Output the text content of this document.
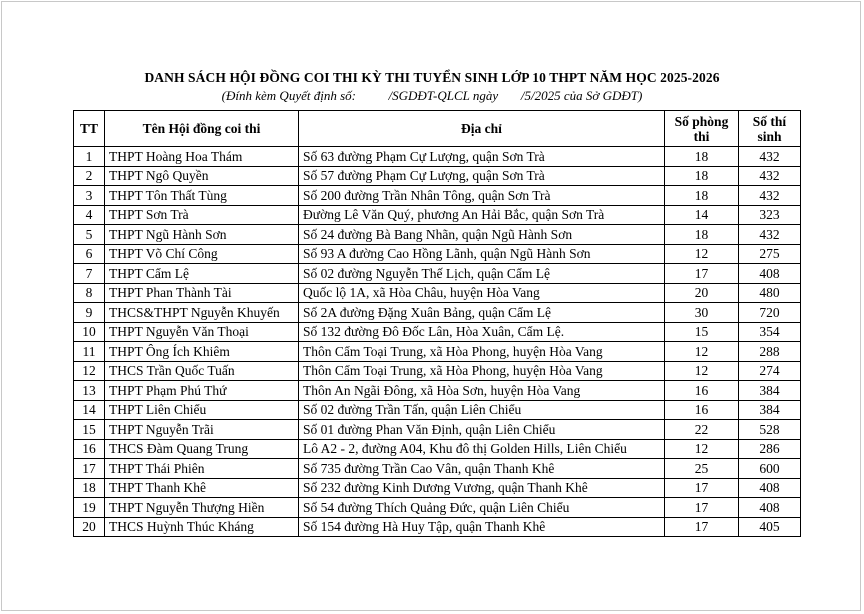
DANH SÁCH HỘI ĐỒNG COI THI KỲ THI TUYỂN SINH LỚP 10 THPT NĂM HỌC 2025-2026
(Đính kèm Quyết định số:          /SGDĐT-QLCL ngày       /5/2025 của Sở GDĐT)
TT	Tên Hội đồng coi thi	Địa chỉ	Số phòng thi	Số thí sinh
1	THPT Hoàng Hoa Thám	Số 63 đường Phạm Cự Lượng, quận Sơn Trà	18	432
2	THPT Ngô Quyền	Số 57 đường Phạm Cự Lượng, quận Sơn Trà	18	432
3	THPT Tôn Thất Tùng	Số 200 đường Trần Nhân Tông, quận Sơn Trà	18	432
4	THPT Sơn Trà	Đường Lê Văn Quý, phương An Hải Bắc, quận Sơn Trà	14	323
5	THPT Ngũ Hành Sơn	Số 24 đường Bà Bang Nhãn, quận Ngũ Hành Sơn	18	432
6	THPT Võ Chí Công	Số 93 A đường Cao Hồng Lãnh, quận Ngũ Hành Sơn	12	275
7	THPT Cẩm Lệ	Số 02 đường Nguyễn Thế Lịch, quận Cẩm Lệ	17	408
8	THPT Phan Thành Tài	Quốc lộ 1A, xã Hòa Châu, huyện Hòa Vang	20	480
9	THCS&THPT Nguyễn Khuyến	Số 2A đường Đặng Xuân Bảng, quận Cẩm Lệ	30	720
10	THPT Nguyễn Văn Thoại	Số 132 đường Đô Đốc Lân, Hòa Xuân, Cẩm Lệ.	15	354
11	THPT Ông Ích Khiêm	Thôn Cẩm Toại Trung, xã Hòa Phong, huyện Hòa Vang	12	288
12	THCS Trần Quốc Tuấn	Thôn Cẩm Toại Trung, xã Hòa Phong, huyện Hòa Vang	12	274
13	THPT Phạm Phú Thứ	Thôn An Ngãi Đông, xã Hòa Sơn, huyện Hòa Vang	16	384
14	THPT Liên Chiểu	Số 02 đường Trần Tấn, quận Liên Chiểu	16	384
15	THPT Nguyễn Trãi	Số 01 đường Phan Văn Định, quận Liên Chiểu	22	528
16	THCS Đàm Quang Trung	Lô A2 - 2, đường A04, Khu đô thị Golden Hills, Liên Chiểu	12	286
17	THPT Thái Phiên	Số 735 đường Trần Cao Vân, quận Thanh Khê	25	600
18	THPT Thanh Khê	Số 232 đường Kinh Dương Vương, quận Thanh Khê	17	408
19	THPT Nguyễn Thượng Hiền	Số 54 đường Thích Quảng Đức, quận Liên Chiểu	17	408
20	THCS Huỳnh Thúc Kháng	Số 154 đường Hà Huy Tập, quận Thanh Khê	17	405
